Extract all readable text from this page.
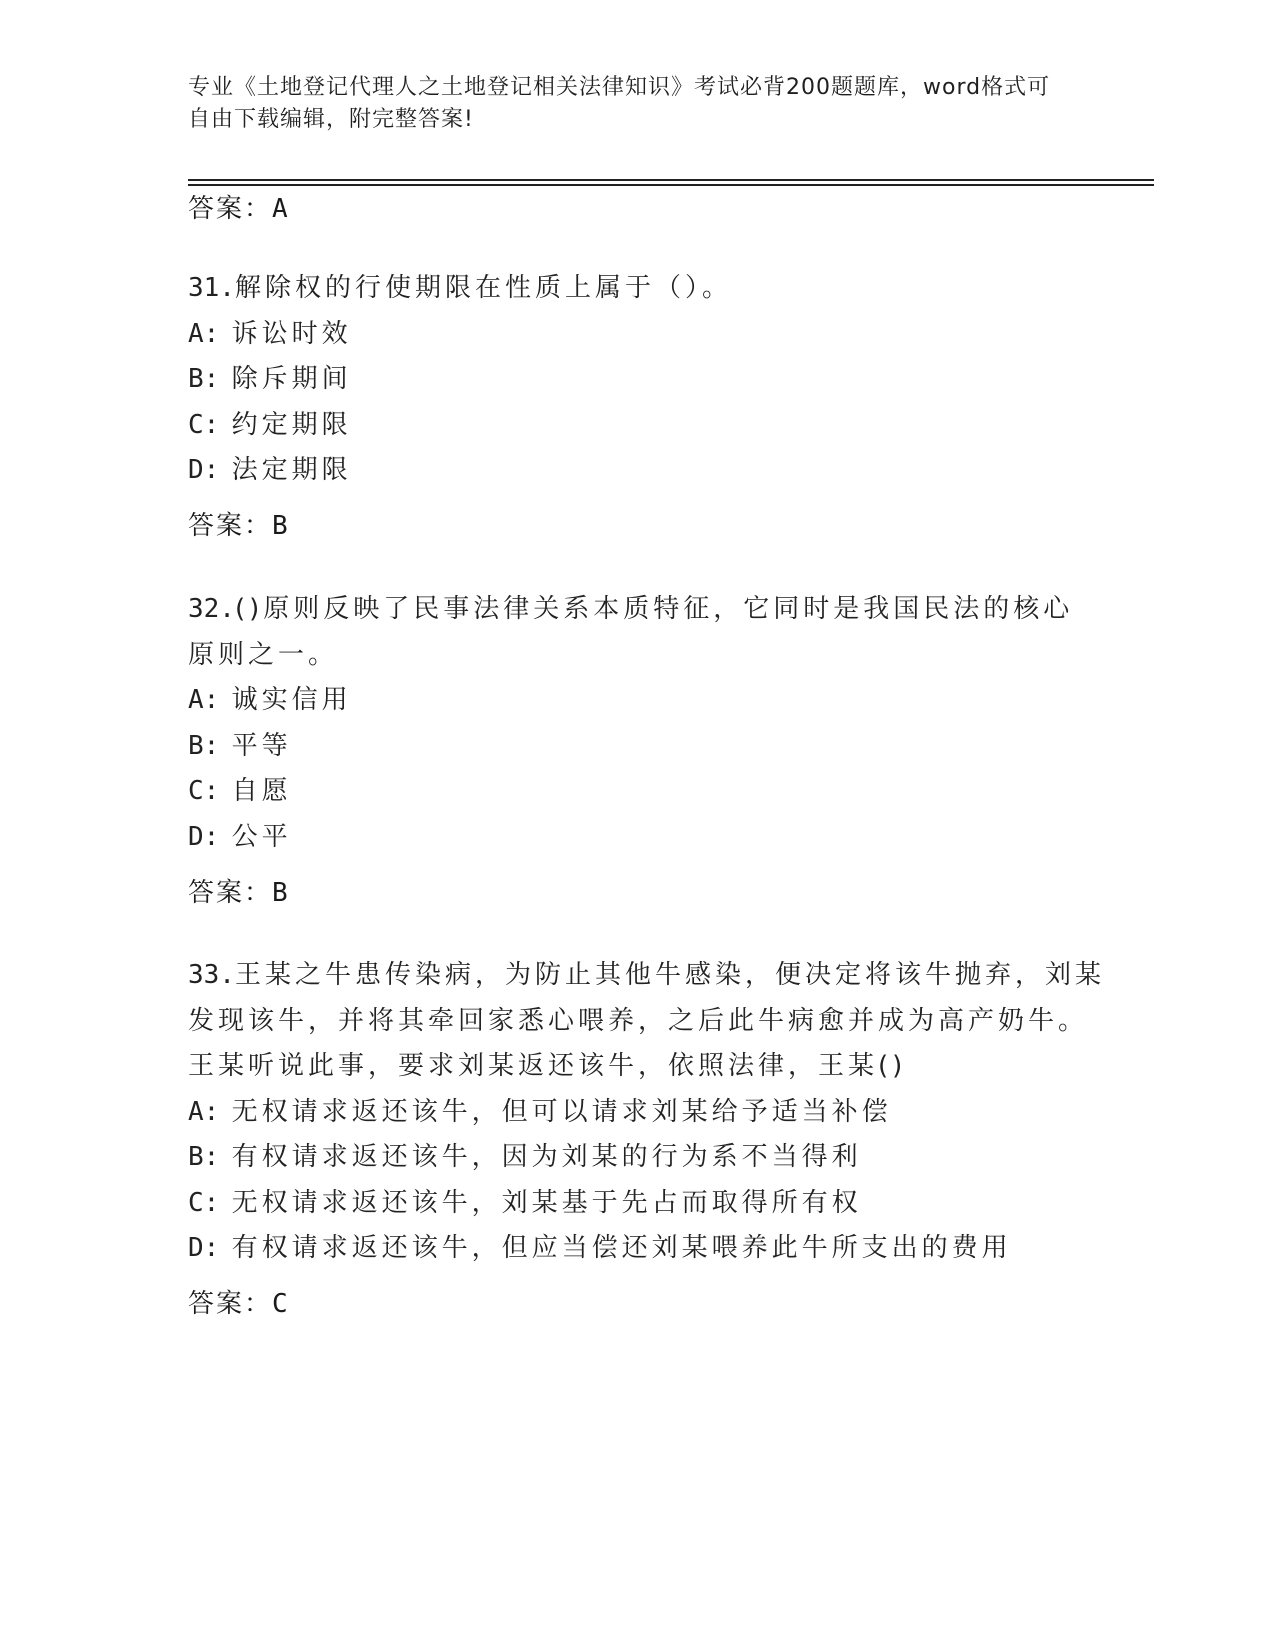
专业《土地登记代理人之土地登记相关法律知识》考试必背200题题库，word格式可自由下载编辑，附完整答案!
答案：A
31.解除权的行使期限在性质上属于（）。
A: 诉讼时效
B: 除斥期间
C: 约定期限
D: 法定期限
答案：B
32.()原则反映了民事法律关系本质特征，它同时是我国民法的核心
原则之一。
A: 诚实信用
B: 平等
C: 自愿
D: 公平
答案：B
33.王某之牛患传染病，为防止其他牛感染，便决定将该牛抛弃，刘某
发现该牛，并将其牵回家悉心喂养，之后此牛病愈并成为高产奶牛。
王某听说此事，要求刘某返还该牛，依照法律，王某()
A: 无权请求返还该牛，但可以请求刘某给予适当补偿
B: 有权请求返还该牛，因为刘某的行为系不当得利
C: 无权请求返还该牛，刘某基于先占而取得所有权
D: 有权请求返还该牛，但应当偿还刘某喂养此牛所支出的费用
答案：C
